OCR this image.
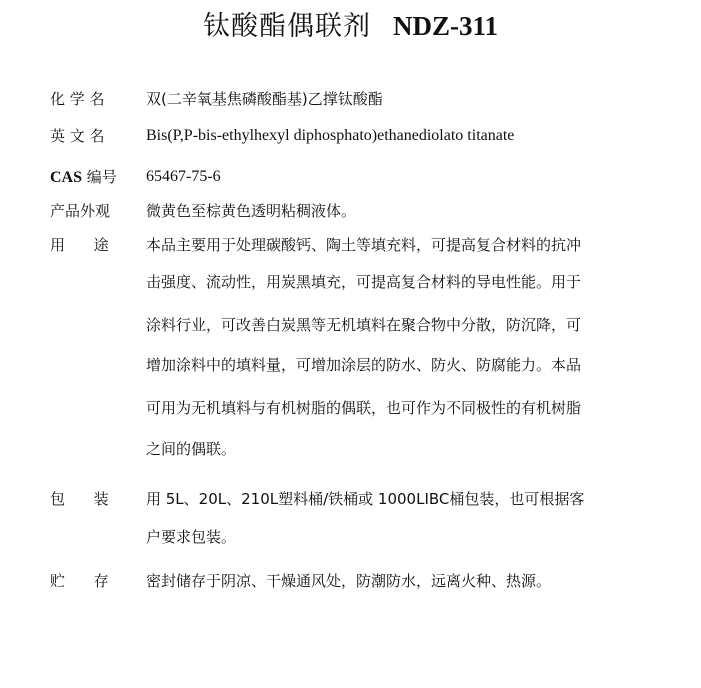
钛酸酯偶联剂 NDZ-311
化 学 名	双(二辛氧基焦磷酸酯基)乙撑钛酸酯
英 文 名	Bis(P,P-bis-ethylhexyl diphosphato)ethanediolato titanate
CAS 编号	65467-75-6
产品外观	微黄色至棕黄色透明粘稠液体。
用      途	本品主要用于处理碳酸钙、陶土等填充料，可提高复合材料的抗冲
击强度、流动性，用炭黑填充，可提高复合材料的导电性能。用于
涂料行业，可改善白炭黑等无机填料在聚合物中分散，防沉降，可
增加涂料中的填料量，可增加涂层的防水、防火、防腐能力。本品
可用为无机填料与有机树脂的偶联，也可作为不同极性的有机树脂
之间的偶联。
包      装	用 5L、20L、210L塑料桶/铁桶或 1000LIBC桶包装，也可根据客
户要求包装。
贮      存	密封储存于阴凉、干燥通风处，防潮防水，远离火种、热源。
